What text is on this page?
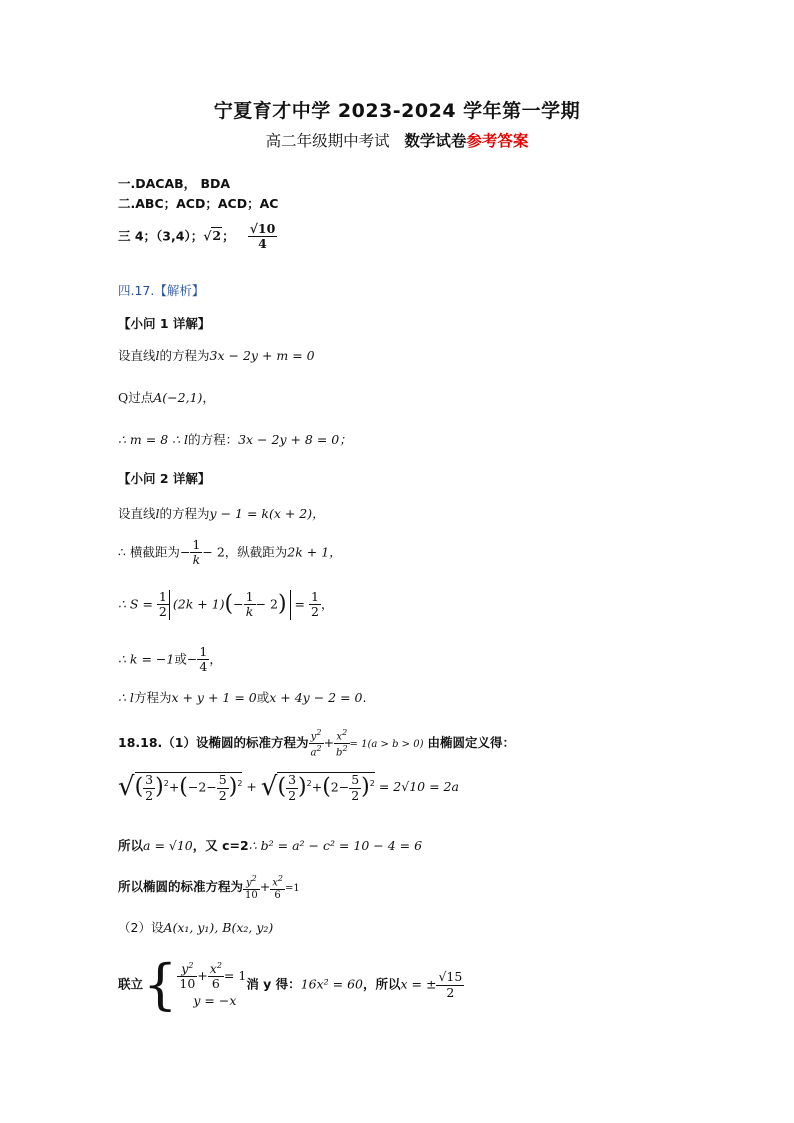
宁夏育才中学 2023-2024 学年第一学期
高二年级期中考试 数学试卷参考答案
一.DACAB， BDA
二.ABC；ACD；ACD；AC
三 4；（3,4）；√2； $\frac{√10}{4}$
四.17.【解析】
【小问 1 详解】
设直线l的方程为3x − 2y + m = 0
Q过点A(−2,1)，
∴ m = 8 ∴ l的方程：3x − 2y + 8 = 0；
【小问 2 详解】
设直线l的方程为y − 1 = k(x + 2)，
∴ 横截距为− $\frac{1}{k} - 2$，纵截距为2k + 1，
∴ $S = \frac{1}{2} (2k + 1)(- \frac{1}{k} - 2) = \frac{1}{2}$ ，
∴ k = −1或− $\frac{1}{4}$ ，
∴ l方程为x + y + 1 = 0或x + 4y − 2 = 0.
18.18.（1）设椭圆的标准方程为 $\frac{y^2}{a^2} + \frac{x^2}{b^2} = 1(a > b > 0)$ 由椭圆定义得：
√( $\frac{3}{2} )^2+(-2- \frac{5}{2} )^2$ + √( $\frac{3}{2} )^2+(2- \frac{5}{2} )^2 = 2√10 = 2a$
所以a = √10，又 c=2∴ b² = a² − c² = 10 − 4 = 6
所以椭圆的标准方程为 $\frac{y^2}{10} + \frac{x^2}{6} =1$
（2）设A(x₁, y₁), B(x₂, y₂)
联立{ $\frac{y^2}{10} + \frac{x^2}{6} = 1$
y = −x
消 y 得：16x² = 60，所以x = ± $\frac{√15}{2}$
